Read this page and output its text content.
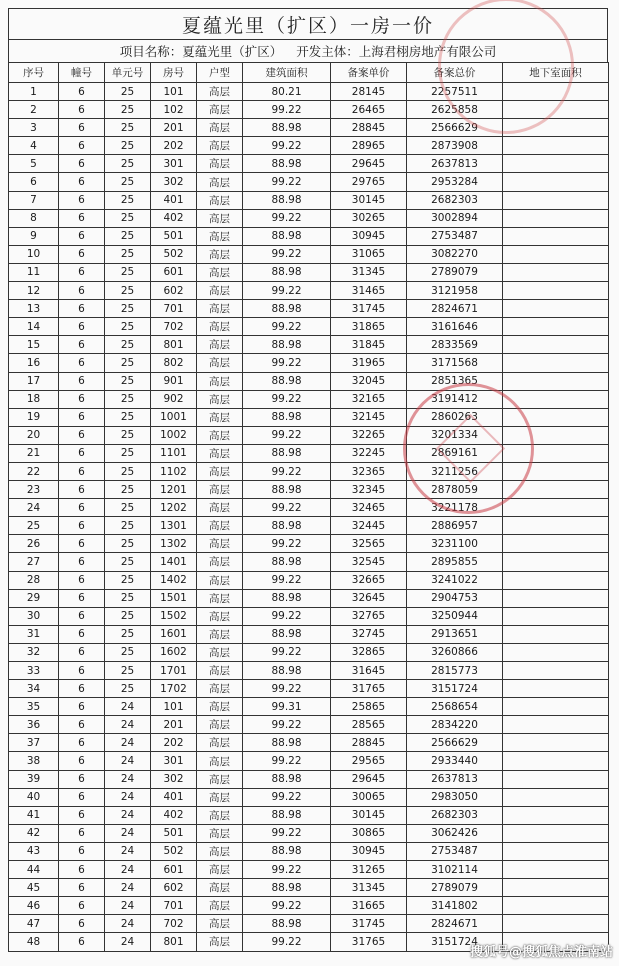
夏蕴光里（扩区）一房一价
项目名称：夏蕴光里（扩区） 开发主体：上海君栩房地产有限公司
序号	幢号	单元号	房号	户型	建筑面积	备案单价	备案总价	地下室面积
1	6	25	101	高层	80.21	28145	2257511	
2	6	25	102	高层	99.22	26465	2625858	
3	6	25	201	高层	88.98	28845	2566629	
4	6	25	202	高层	99.22	28965	2873908	
5	6	25	301	高层	88.98	29645	2637813	
6	6	25	302	高层	99.22	29765	2953284	
7	6	25	401	高层	88.98	30145	2682303	
8	6	25	402	高层	99.22	30265	3002894	
9	6	25	501	高层	88.98	30945	2753487	
10	6	25	502	高层	99.22	31065	3082270	
11	6	25	601	高层	88.98	31345	2789079	
12	6	25	602	高层	99.22	31465	3121958	
13	6	25	701	高层	88.98	31745	2824671	
14	6	25	702	高层	99.22	31865	3161646	
15	6	25	801	高层	88.98	31845	2833569	
16	6	25	802	高层	99.22	31965	3171568	
17	6	25	901	高层	88.98	32045	2851365	
18	6	25	902	高层	99.22	32165	3191412	
19	6	25	1001	高层	88.98	32145	2860263	
20	6	25	1002	高层	99.22	32265	3201334	
21	6	25	1101	高层	88.98	32245	2869161	
22	6	25	1102	高层	99.22	32365	3211256	
23	6	25	1201	高层	88.98	32345	2878059	
24	6	25	1202	高层	99.22	32465	3221178	
25	6	25	1301	高层	88.98	32445	2886957	
26	6	25	1302	高层	99.22	32565	3231100	
27	6	25	1401	高层	88.98	32545	2895855	
28	6	25	1402	高层	99.22	32665	3241022	
29	6	25	1501	高层	88.98	32645	2904753	
30	6	25	1502	高层	99.22	32765	3250944	
31	6	25	1601	高层	88.98	32745	2913651	
32	6	25	1602	高层	99.22	32865	3260866	
33	6	25	1701	高层	88.98	31645	2815773	
34	6	25	1702	高层	99.22	31765	3151724	
35	6	24	101	高层	99.31	25865	2568654	
36	6	24	201	高层	99.22	28565	2834220	
37	6	24	202	高层	88.98	28845	2566629	
38	6	24	301	高层	99.22	29565	2933440	
39	6	24	302	高层	88.98	29645	2637813	
40	6	24	401	高层	99.22	30065	2983050	
41	6	24	402	高层	88.98	30145	2682303	
42	6	24	501	高层	99.22	30865	3062426	
43	6	24	502	高层	88.98	30945	2753487	
44	6	24	601	高层	99.22	31265	3102114	
45	6	24	602	高层	88.98	31345	2789079	
46	6	24	701	高层	99.22	31665	3141802	
47	6	24	702	高层	88.98	31745	2824671	
48	6	24	801	高层	99.22	31765	3151724	
搜狐号@搜狐焦点淮南站
